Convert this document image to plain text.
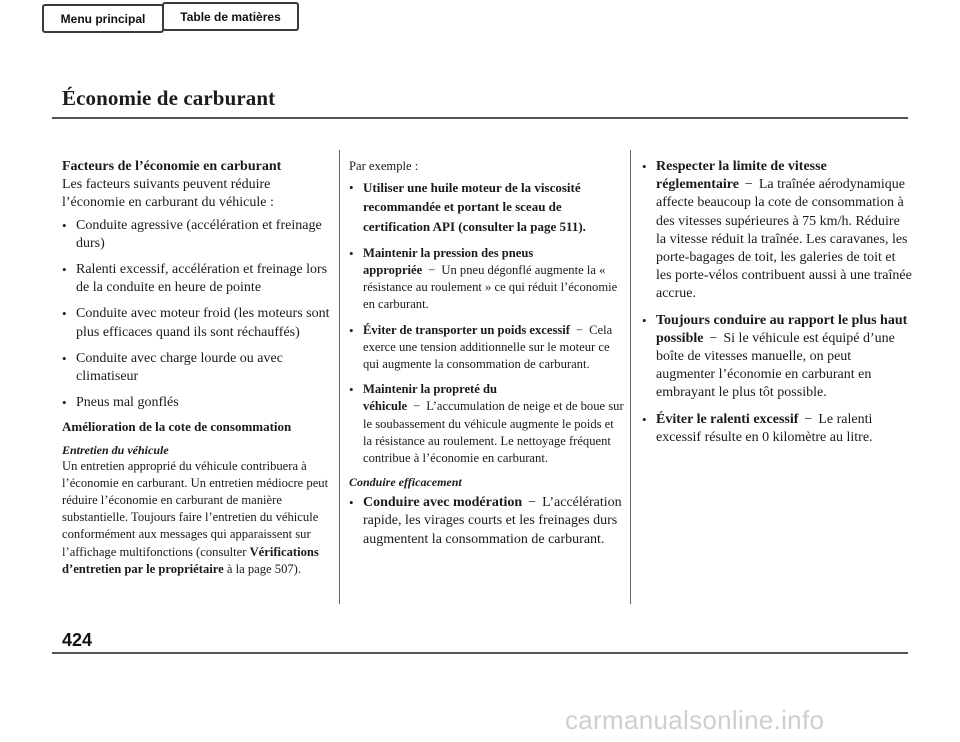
Menu principal	Table de matières
Économie de carburant

Facteurs de l’économie en carburant

Les facteurs suivants peuvent réduire l’économie en carburant du véhicule :

• Conduite agressive (accélération et freinage durs)
• Ralenti excessif, accélération et freinage lors de la conduite en heure de pointe
• Conduite avec moteur froid (les moteurs sont plus efficaces quand ils sont réchauffés)
• Conduite avec charge lourde ou avec climatiseur
• Pneus mal gonflés

Amélioration de la cote de consommation

Entretien du véhicule

Un entretien approprié du véhicule contribuera à l’économie en carburant. Un entretien médiocre peut réduire l’économie en carburant de manière substantielle. Toujours faire l’entretien du véhicule conformément aux messages qui apparaissent sur l’affichage multifonctions (consulter Vérifications d’entretien par le propriétaire à la page 507).

Par exemple :

• Utiliser une huile moteur de la viscosité recommandée et portant le sceau de certification API (consulter la page 511).
• Maintenir la pression des pneus appropriée − Un pneu dégonflé augmente la « résistance au roulement » ce qui réduit l’économie en carburant.
• Éviter de transporter un poids excessif − Cela exerce une tension additionnelle sur le moteur ce qui augmente la consommation de carburant.
• Maintenir la propreté du véhicule − L’accumulation de neige et de boue sur le soubassement du véhicule augmente le poids et la résistance au roulement. Le nettoyage fréquent contribue à l’économie en carburant.

Conduire efficacement

• Conduire avec modération − L’accélération rapide, les virages courts et les freinages durs augmentent la consommation de carburant.
• Respecter la limite de vitesse réglementaire − La traînée aérodynamique affecte beaucoup la cote de consommation à des vitesses supérieures à 75 km/h. Réduire la vitesse réduit la traînée. Les caravanes, les porte-bagages de toit, les galeries de toit et les porte-vélos contribuent aussi à une traînée accrue.
• Toujours conduire au rapport le plus haut possible − Si le véhicule est équipé d’une boîte de vitesses manuelle, on peut augmenter l’économie en carburant en embrayant le plus tôt possible.
• Éviter le ralenti excessif − Le ralenti excessif résulte en 0 kilomètre au litre.
424
carmanualsonline.info
